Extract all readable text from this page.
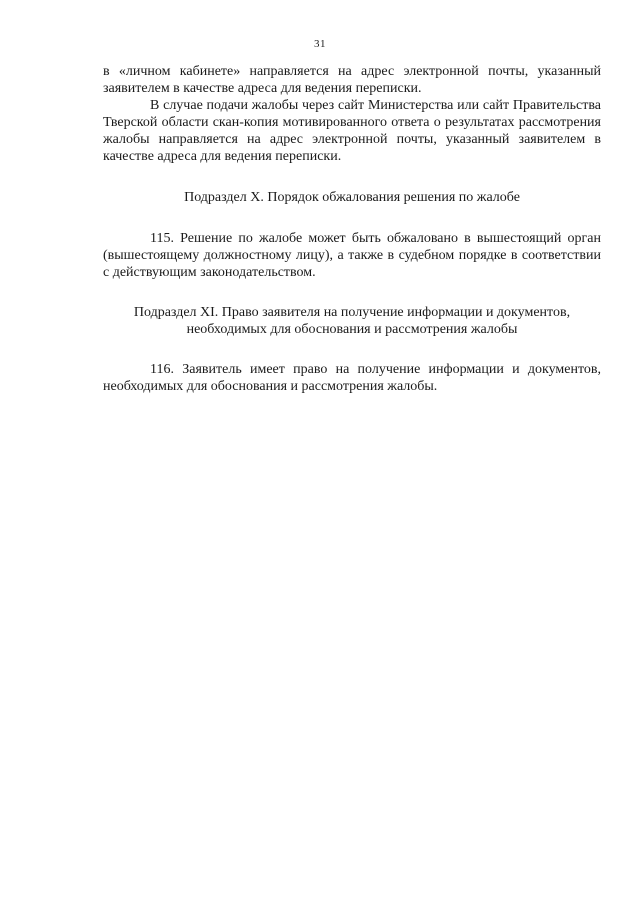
31

в «личном кабинете» направляется на адрес электронной почты, указанный заявителем в качестве адреса для ведения переписки.

В случае подачи жалобы через сайт Министерства или сайт Правительства Тверской области скан-копия мотивированного ответа о результатах рассмотрения жалобы направляется на адрес электронной почты, указанный заявителем в качестве адреса для ведения переписки.

Подраздел X. Порядок обжалования решения по жалобе

115. Решение по жалобе может быть обжаловано в вышестоящий орган (вышестоящему должностному лицу), а также в судебном порядке в соответствии с действующим законодательством.

Подраздел XI. Право заявителя на получение информации и документов,
необходимых для обоснования и рассмотрения жалобы

116. Заявитель имеет право на получение информации и документов, необходимых для обоснования и рассмотрения жалобы.
